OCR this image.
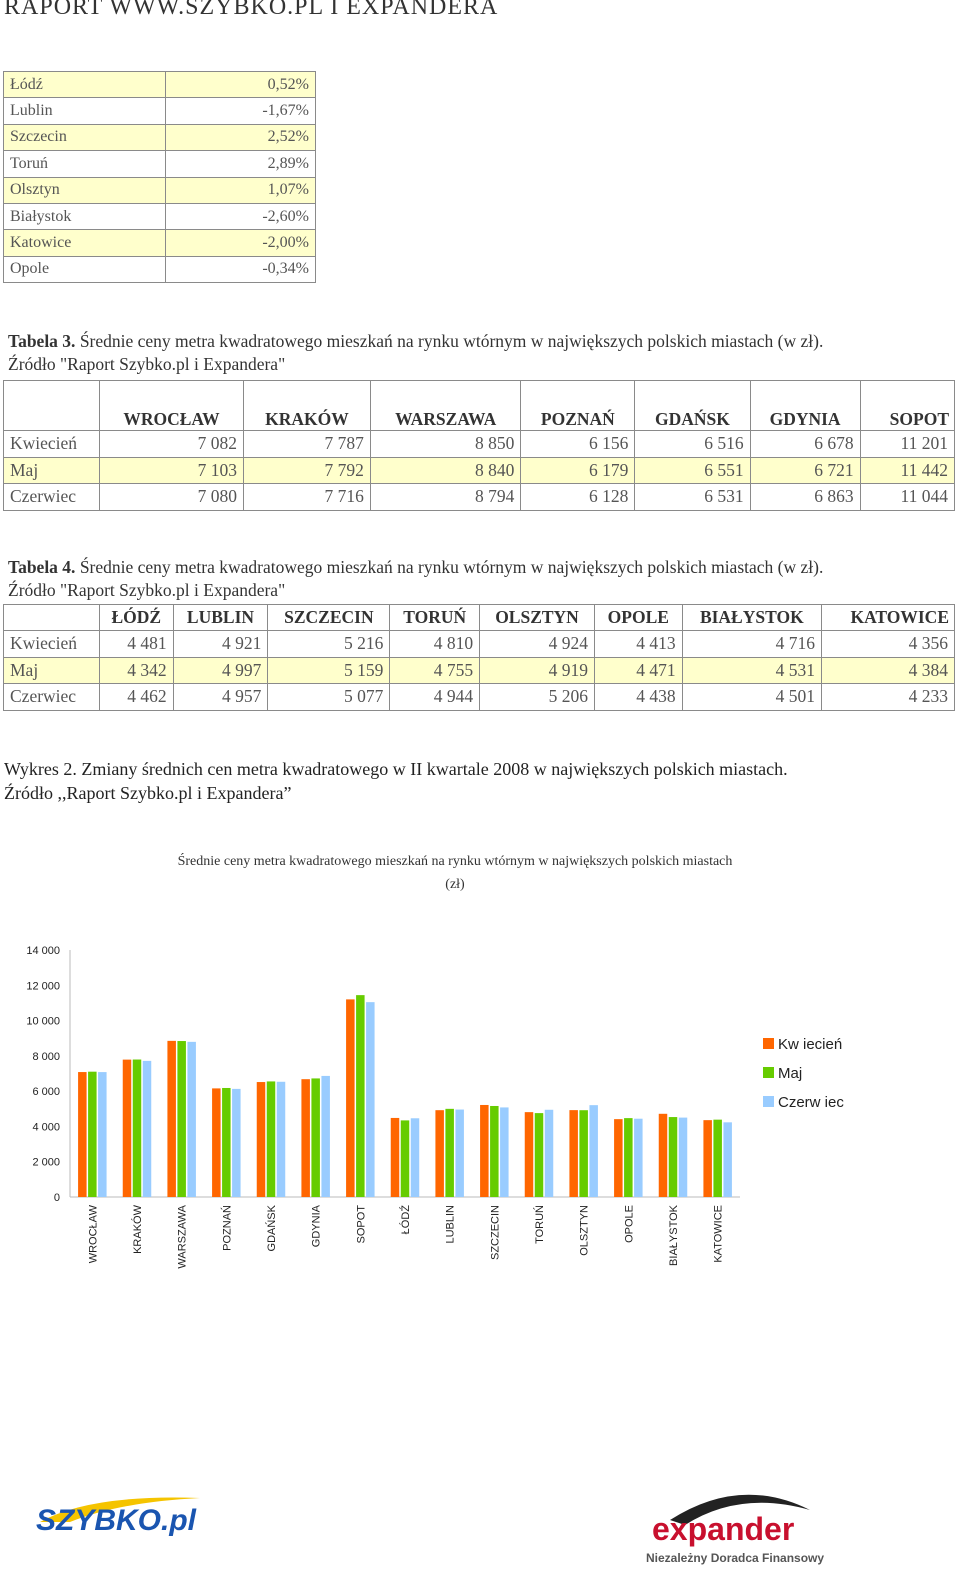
RAPORT WWW.SZYBKO.PL I EXPANDERA
Łódź	0,52%
Lublin	-1,67%
Szczecin	2,52%
Toruń	2,89%
Olsztyn	1,07%
Białystok	-2,60%
Katowice	-2,00%
Opole	-0,34%
Tabela 3. Średnie ceny metra kwadratowego mieszkań na rynku wtórnym w największych polskich miastach (w zł).
Źródło "Raport Szybko.pl i Expandera"
	WROCŁAW	KRAKÓW	WARSZAWA	POZNAŃ	GDAŃSK	GDYNIA	SOPOT
Kwiecień	7 082	7 787	8 850	6 156	6 516	6 678	11 201
Maj	7 103	7 792	8 840	6 179	6 551	6 721	11 442
Czerwiec	7 080	7 716	8 794	6 128	6 531	6 863	11 044
Tabela 4. Średnie ceny metra kwadratowego mieszkań na rynku wtórnym w największych polskich miastach (w zł).
Źródło "Raport Szybko.pl i Expandera"
	ŁÓDŹ	LUBLIN	SZCZECIN	TORUŃ	OLSZTYN	OPOLE	BIAŁYSTOK	KATOWICE
Kwiecień	4 481	4 921	5 216	4 810	4 924	4 413	4 716	4 356
Maj	4 342	4 997	5 159	4 755	4 919	4 471	4 531	4 384
Czerwiec	4 462	4 957	5 077	4 944	5 206	4 438	4 501	4 233
Wykres 2. Zmiany średnich cen metra kwadratowego w II kwartale 2008 w największych polskich miastach.
Źródło ,,Raport Szybko.pl i Expandera”
Średnie ceny metra kwadratowego mieszkań na rynku wtórnym w największych polskich miastach
(zł)
14 000
12 000
10 000
8 000
6 000
4 000
2 000
0
WROCŁAW	KRAKÓW	WARSZAWA	POZNAŃ	GDAŃSK	GDYNIA	SOPOT	ŁÓDŹ	LUBLIN	SZCZECIN	TORUŃ	OLSZTYN	OPOLE	BIAŁYSTOK	KATOWICE
Kw iecień
Maj
Czerw iec
SZYBKO.pl	expander
Niezależny Doradca Finansowy
